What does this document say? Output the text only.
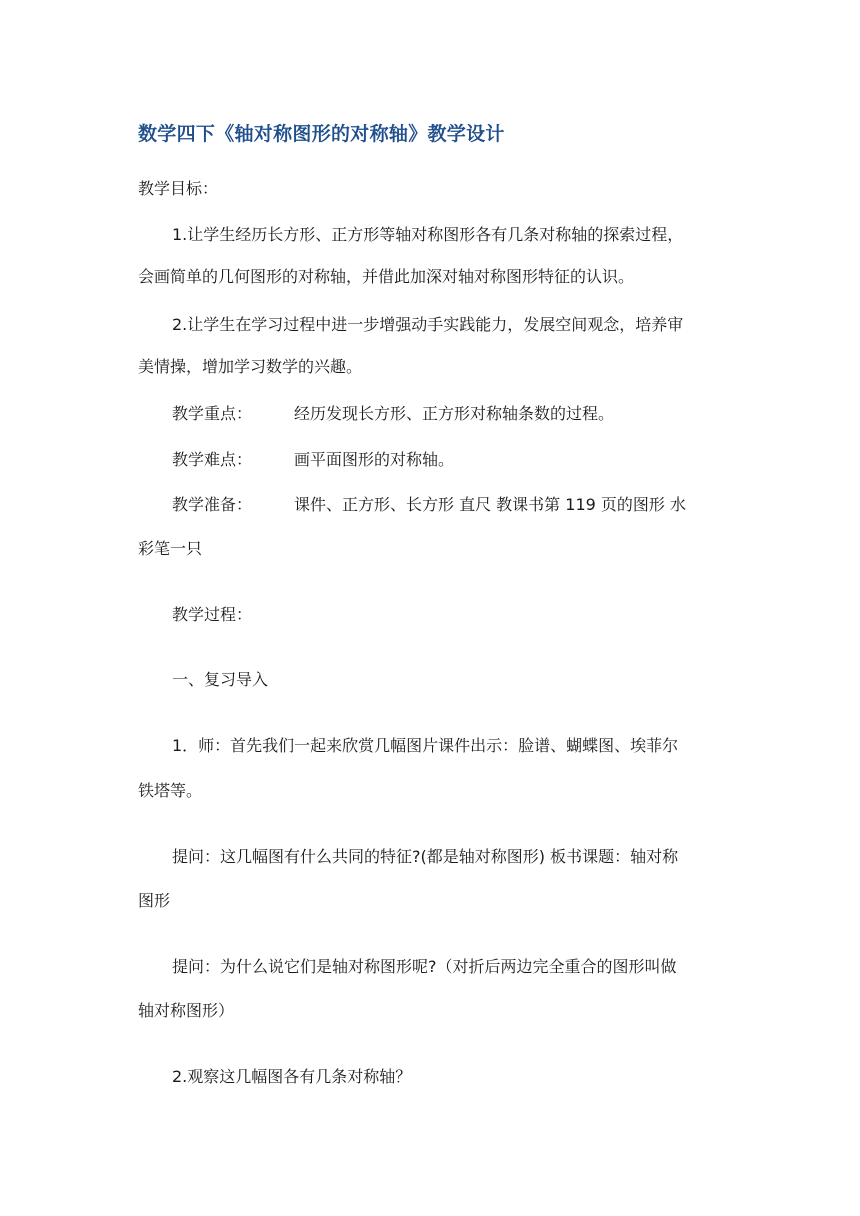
数学四下《轴对称图形的对称轴》教学设计
教学目标：
1.让学生经历长方形、正方形等轴对称图形各有几条对称轴的探索过程，
会画简单的几何图形的对称轴，并借此加深对轴对称图形特征的认识。
2.让学生在学习过程中进一步增强动手实践能力，发展空间观念，培养审
美情操，增加学习数学的兴趣。
教学重点：	经历发现长方形、正方形对称轴条数的过程。
教学难点：	画平面图形的对称轴。
教学准备：	课件、正方形、长方形 直尺 教课书第 119 页的图形 水
彩笔一只
教学过程：
一、复习导入
1．师：首先我们一起来欣赏几幅图片课件出示：脸谱、蝴蝶图、埃菲尔
铁塔等。
提问：这几幅图有什么共同的特征?(都是轴对称图形) 板书课题：轴对称
图形
提问：为什么说它们是轴对称图形呢?（对折后两边完全重合的图形叫做
轴对称图形）
2.观察这几幅图各有几条对称轴？
